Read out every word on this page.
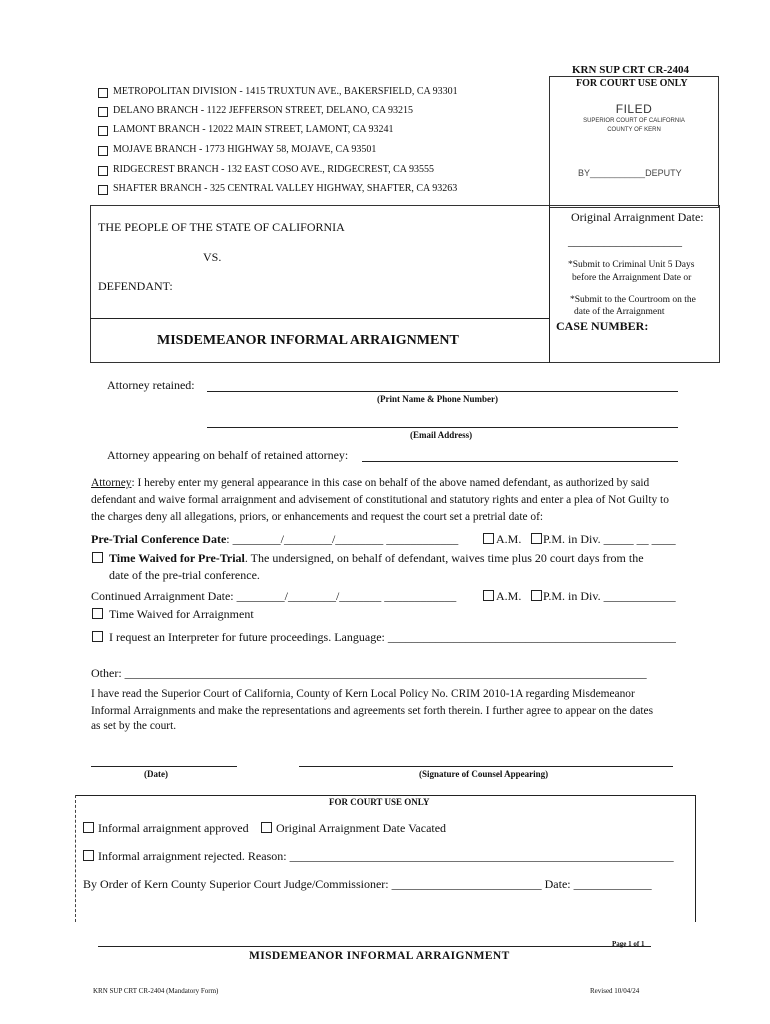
KRN SUP CRT CR-2404
FOR COURT USE ONLY
FILED
SUPERIOR COURT OF CALIFORNIA
COUNTY OF KERN
BY___________DEPUTY
METROPOLITAN DIVISION - 1415 TRUXTUN AVE., BAKERSFIELD, CA 93301
DELANO BRANCH - 1122 JEFFERSON STREET, DELANO, CA 93215
LAMONT BRANCH - 12022 MAIN STREET, LAMONT, CA 93241
MOJAVE BRANCH - 1773 HIGHWAY 58, MOJAVE, CA 93501
RIDGECREST BRANCH - 132 EAST COSO AVE., RIDGECREST, CA 93555
SHAFTER BRANCH - 325 CENTRAL VALLEY HIGHWAY, SHAFTER, CA 93263
THE PEOPLE OF THE STATE OF CALIFORNIA
VS.
DEFENDANT:
MISDEMEANOR INFORMAL ARRAIGNMENT
Original Arraignment Date:
___________________
*Submit to Criminal Unit 5 Days
before the Arraignment Date or
*Submit to the Courtroom on the
date of the Arraignment
CASE NUMBER:
Attorney retained:
(Print Name & Phone Number)
(Email Address)
Attorney appearing on behalf of retained attorney:
Attorney: I hereby enter my general appearance in this case on behalf of the above named defendant, as authorized by said
defendant and waive formal arraignment and advisement of constitutional and statutory rights and enter a plea of Not Guilty to
the charges deny all allegations, priors, or enhancements and request the court set a pretrial date of:
Pre-Trial Conference Date: ________/________/________ ____________	A.M. P.M. in Div. _____ __ ____
Time Waived for Pre-Trial. The undersigned, on behalf of defendant, waives time plus 20 court days from the
date of the pre-trial conference.
Continued Arraignment Date: ________/________/_______ ____________	A.M. P.M. in Div. ____________
Time Waived for Arraignment
I request an Interpreter for future proceedings. Language: ________________________________________________
Other: _______________________________________________________________________________________
I have read the Superior Court of California, County of Kern Local Policy No. CRIM 2010-1A regarding Misdemeanor
Informal Arraignments and make the representations and agreements set forth therein. I further agree to appear on the dates
as set by the court.
(Date)	(Signature of Counsel Appearing)
FOR COURT USE ONLY
Informal arraignment approved Original Arraignment Date Vacated
Informal arraignment rejected. Reason: ________________________________________________________________
By Order of Kern County Superior Court Judge/Commissioner: _________________________ Date: _____________
Page 1 of 1
MISDEMEANOR INFORMAL ARRAIGNMENT
KRN SUP CRT CR-2404 (Mandatory Form)	Revised 10/04/24
